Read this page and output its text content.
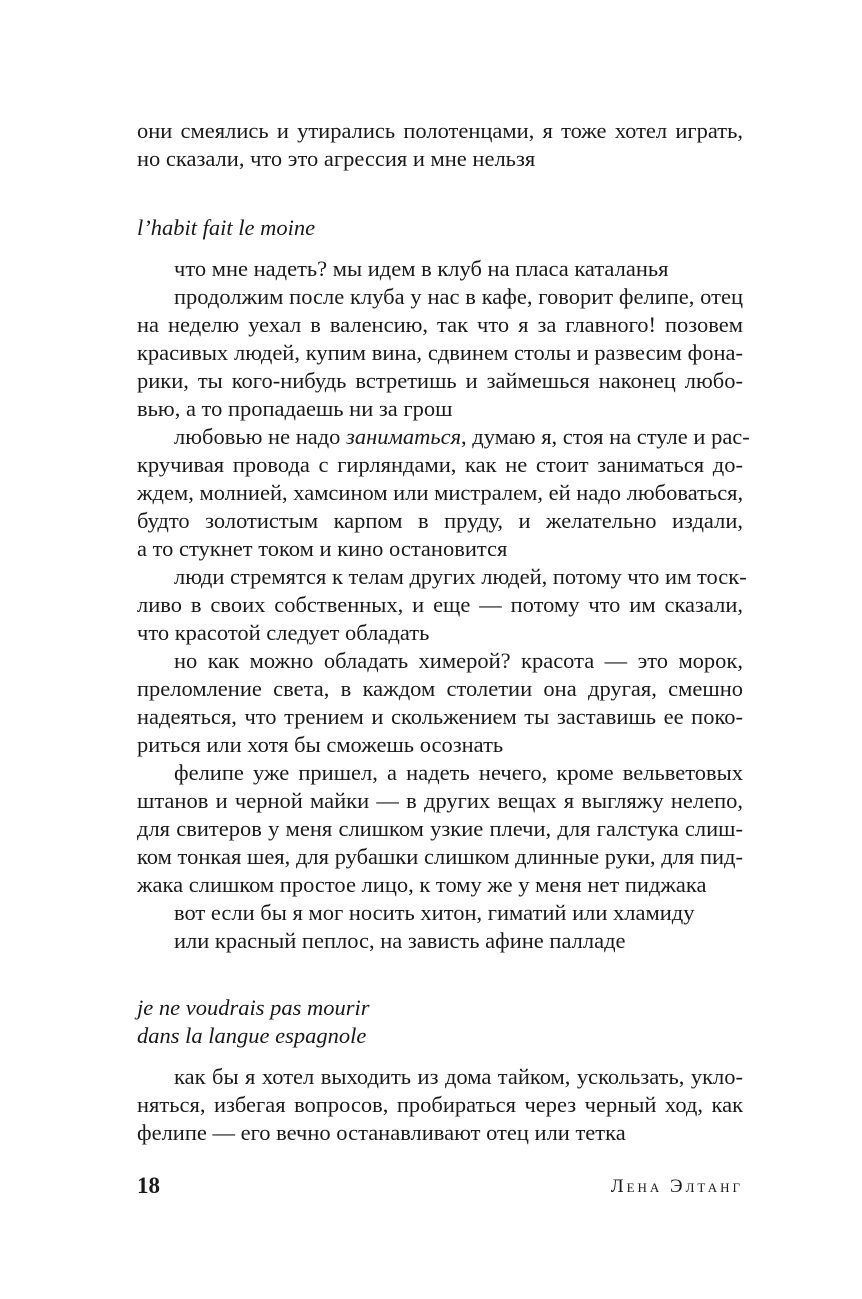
они смеялись и утирались полотенцами, я тоже хотел играть,
но сказали, что это агрессия и мне нельзя
l’habit fait le moine
что мне надеть? мы идем в клуб на пласа каталанья
продолжим после клуба у нас в кафе, говорит фелипе, отец
на неделю уехал в валенсию, так что я за главного! позовем
красивых людей, купим вина, сдвинем столы и развесим фона-
рики, ты кого-нибудь встретишь и займешься наконец любо-
вью, а то пропадаешь ни за грош
любовью не надо заниматься, думаю я, стоя на стуле и рас-
кручивая провода с гирляндами, как не стоит заниматься до-
ждем, молнией, хамсином или мистралем, ей надо любоваться,
будто золотистым карпом в пруду, и желательно издали,
а то стукнет током и кино остановится
люди стремятся к телам других людей, потому что им тоск-
ливо в своих собственных, и еще — потому что им сказали,
что красотой следует обладать
но как можно обладать химерой? красота — это морок,
преломление света, в каждом столетии она другая, смешно
надеяться, что трением и скольжением ты заставишь ее поко-
риться или хотя бы сможешь осознать
фелипе уже пришел, а надеть нечего, кроме вельветовых
штанов и черной майки — в других вещах я выгляжу нелепо,
для свитеров у меня слишком узкие плечи, для галстука слиш-
ком тонкая шея, для рубашки слишком длинные руки, для пид-
жака слишком простое лицо, к тому же у меня нет пиджака
вот если бы я мог носить хитон, гиматий или хламиду
или красный пеплос, на зависть афине палладе
je ne voudrais pas mourir
dans la langue espagnole
как бы я хотел выходить из дома тайком, ускользать, укло-
няться, избегая вопросов, пробираться через черный ход, как
фелипе — его вечно останавливают отец или тетка
18	Лена Элтанг
